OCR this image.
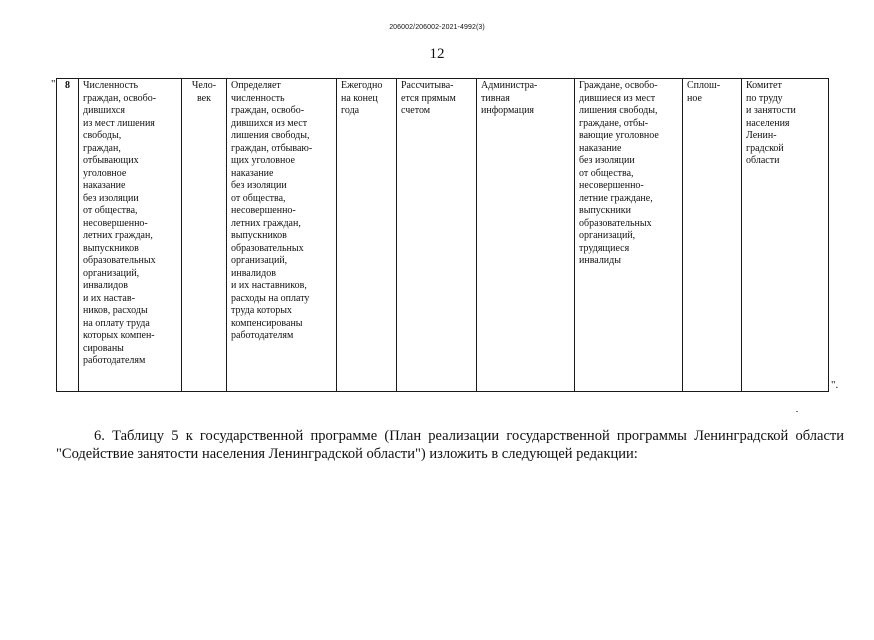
206002/206002-2021-4992(3)
12
" 8	Численность
граждан, освобо-
дившихся
из мест лишения
свободы,
граждан,
отбывающих
уголовное
наказание
без изоляции
от общества,
несовершенно-
летних граждан,
выпускников
образовательных
организаций,
инвалидов
и их настав-
ников, расходы
на оплату труда
которых компен-
сированы
работодателям	Чело-
век	Определяет
численность
граждан, освобо-
дившихся из мест
лишения свободы,
граждан, отбываю-
щих уголовное
наказание
без изоляции
от общества,
несовершенно-
летних граждан,
выпускников
образовательных
организаций,
инвалидов
и их наставников,
расходы на оплату
труда которых
компенсированы
работодателям	Ежегодно
на конец
года	Рассчитыва-
ется прямым
счетом	Администра-
тивная
информация	Граждане, освобо-
дившиеся из мест
лишения свободы,
граждане, отбы-
вающие уголовное
наказание
без изоляции
от общества,
несовершенно-
летние граждане,
выпускники
образовательных
организаций,
трудящиеся
инвалиды	Сплош-
ное	Комитет
по труду
и занятости
населения
Ленин-
градской
области
".
6. Таблицу 5 к государственной программе (План реализации государственной программы Ленинградской области "Содействие занятости населения Ленинградской области") изложить в следующей редакции:
